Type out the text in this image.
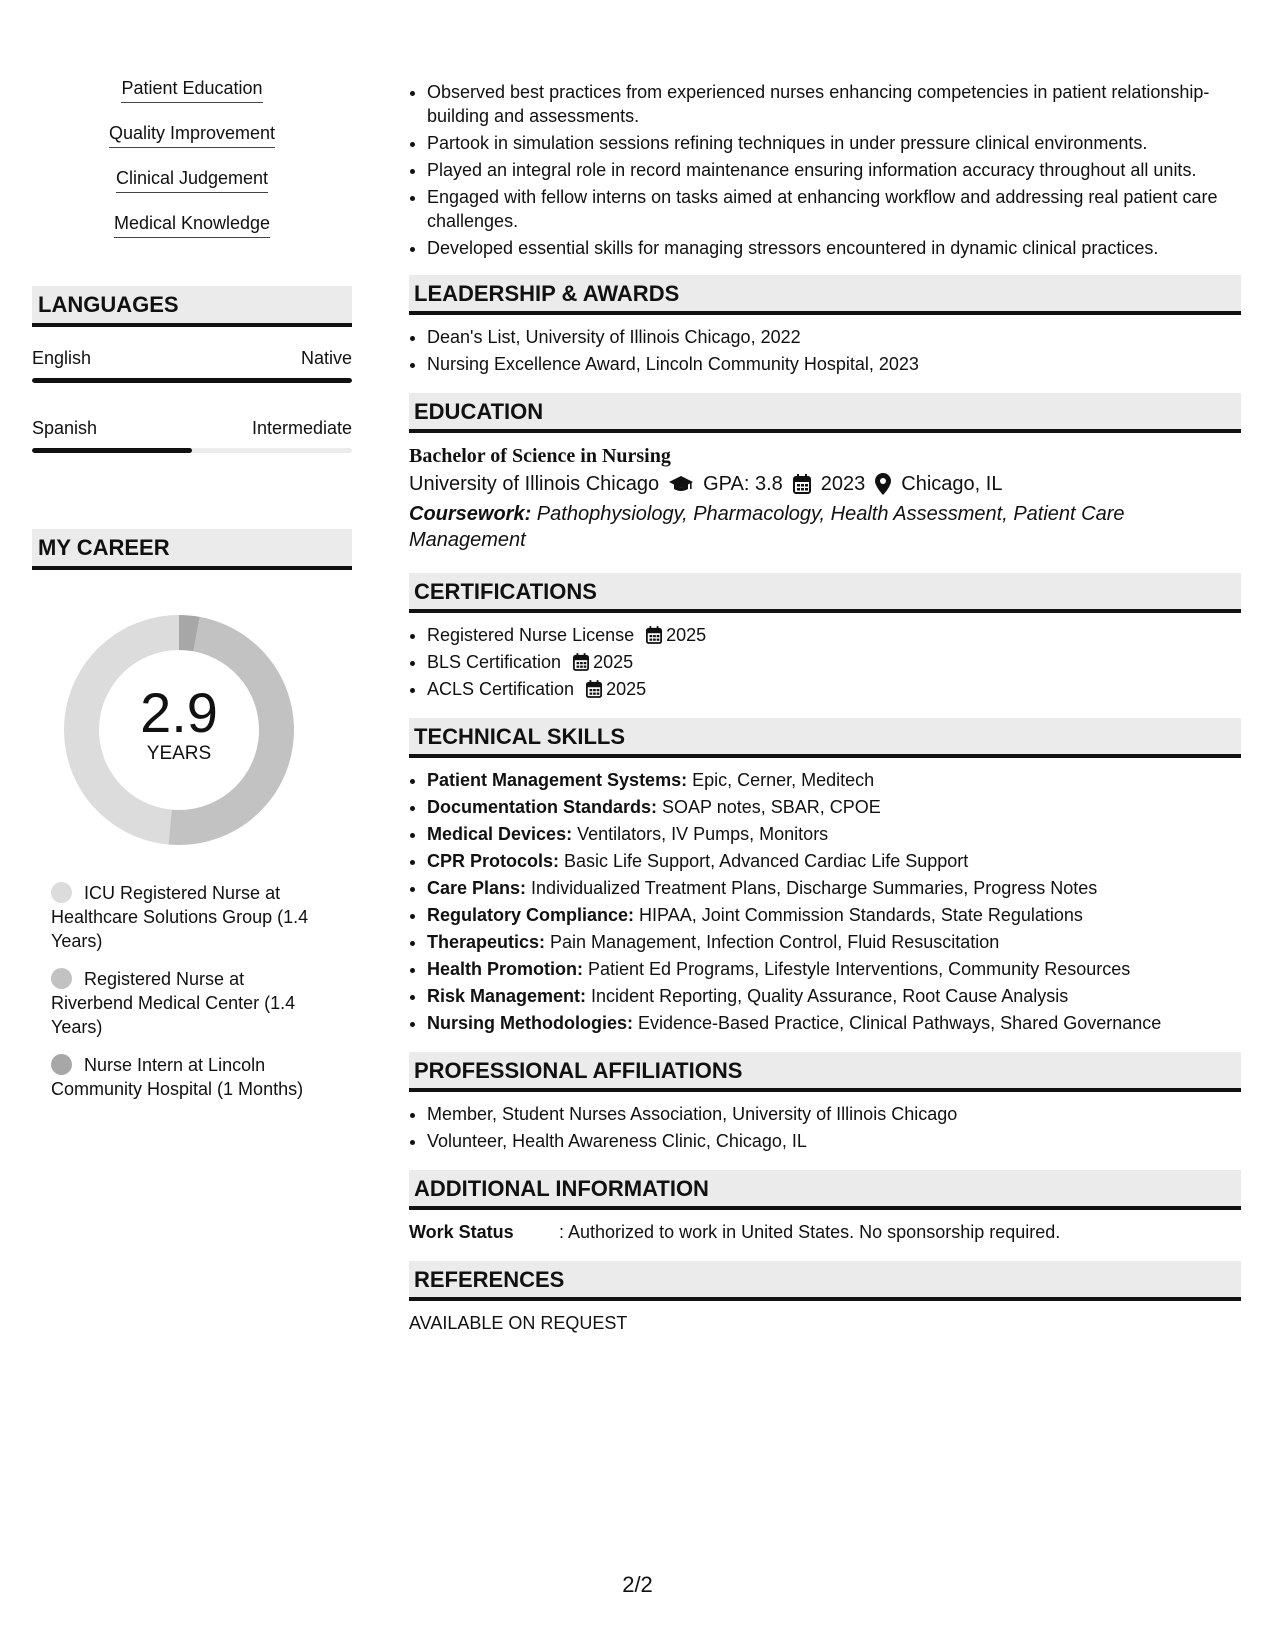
Patient Education
Quality Improvement
Clinical Judgement
Medical Knowledge
LANGUAGES
English	Native
Spanish	Intermediate
MY CAREER
2.9
YEARS
ICU Registered Nurse at Healthcare Solutions Group (1.4 Years)
Registered Nurse at Riverbend Medical Center (1.4 Years)
Nurse Intern at Lincoln Community Hospital (1 Months)
• Observed best practices from experienced nurses enhancing competencies in patient relationship-building and assessments.
• Partook in simulation sessions refining techniques in under pressure clinical environments.
• Played an integral role in record maintenance ensuring information accuracy throughout all units.
• Engaged with fellow interns on tasks aimed at enhancing workflow and addressing real patient care challenges.
• Developed essential skills for managing stressors encountered in dynamic clinical practices.
LEADERSHIP & AWARDS
• Dean's List, University of Illinois Chicago, 2022
• Nursing Excellence Award, Lincoln Community Hospital, 2023
EDUCATION
Bachelor of Science in Nursing
University of Illinois Chicago GPA: 3.8 2023 Chicago, IL
Coursework: Pathophysiology, Pharmacology, Health Assessment, Patient Care Management
CERTIFICATIONS
• Registered Nurse License 2025
• BLS Certification 2025
• ACLS Certification 2025
TECHNICAL SKILLS
• Patient Management Systems: Epic, Cerner, Meditech
• Documentation Standards: SOAP notes, SBAR, CPOE
• Medical Devices: Ventilators, IV Pumps, Monitors
• CPR Protocols: Basic Life Support, Advanced Cardiac Life Support
• Care Plans: Individualized Treatment Plans, Discharge Summaries, Progress Notes
• Regulatory Compliance: HIPAA, Joint Commission Standards, State Regulations
• Therapeutics: Pain Management, Infection Control, Fluid Resuscitation
• Health Promotion: Patient Ed Programs, Lifestyle Interventions, Community Resources
• Risk Management: Incident Reporting, Quality Assurance, Root Cause Analysis
• Nursing Methodologies: Evidence-Based Practice, Clinical Pathways, Shared Governance
PROFESSIONAL AFFILIATIONS
• Member, Student Nurses Association, University of Illinois Chicago
• Volunteer, Health Awareness Clinic, Chicago, IL
ADDITIONAL INFORMATION
Work Status	: Authorized to work in United States. No sponsorship required.
REFERENCES
AVAILABLE ON REQUEST
2/2
